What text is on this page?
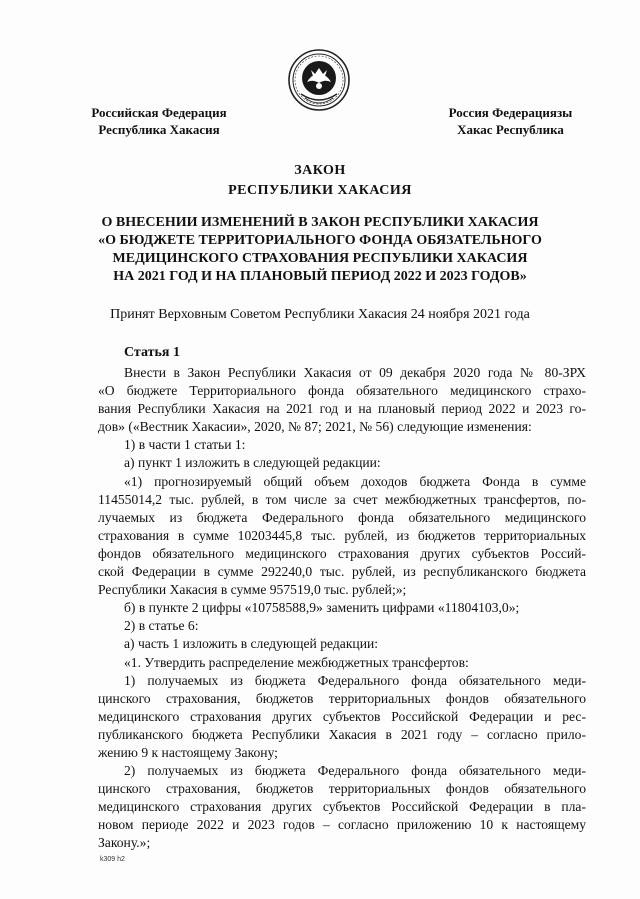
Российская Федерация
Республика Хакасия
Россия Федерациязы
Хакас Республика
ЗАКОН
РЕСПУБЛИКИ ХАКАСИЯ
О ВНЕСЕНИИ ИЗМЕНЕНИЙ В ЗАКОН РЕСПУБЛИКИ ХАКАСИЯ
«О БЮДЖЕТЕ ТЕРРИТОРИАЛЬНОГО ФОНДА ОБЯЗАТЕЛЬНОГО
МЕДИЦИНСКОГО СТРАХОВАНИЯ РЕСПУБЛИКИ ХАКАСИЯ
НА 2021 ГОД И НА ПЛАНОВЫЙ ПЕРИОД 2022 И 2023 ГОДОВ»
Принят Верховным Советом Республики Хакасия 24 ноября 2021 года
Статья 1
Внести в Закон Республики Хакасия от 09 декабря 2020 года № 80-ЗРХ
«О бюджете Территориального фонда обязательного медицинского страхо-
вания Республики Хакасия на 2021 год и на плановый период 2022 и 2023 го-
дов» («Вестник Хакасии», 2020, № 87; 2021, № 56) следующие изменения:
1) в части 1 статьи 1:
а) пункт 1 изложить в следующей редакции:
«1) прогнозируемый общий объем доходов бюджета Фонда в сумме
11455014,2 тыс. рублей, в том числе за счет межбюджетных трансфертов, по-
лучаемых из бюджета Федерального фонда обязательного медицинского
страхования в сумме 10203445,8 тыс. рублей, из бюджетов территориальных
фондов обязательного медицинского страхования других субъектов Россий-
ской Федерации в сумме 292240,0 тыс. рублей, из республиканского бюджета
Республики Хакасия в сумме 957519,0 тыс. рублей;»;
б) в пункте 2 цифры «10758588,9» заменить цифрами «11804103,0»;
2) в статье 6:
а) часть 1 изложить в следующей редакции:
«1. Утвердить распределение межбюджетных трансфертов:
1) получаемых из бюджета Федерального фонда обязательного меди-
цинского страхования, бюджетов территориальных фондов обязательного
медицинского страхования других субъектов Российской Федерации и рес-
публиканского бюджета Республики Хакасия в 2021 году – согласно прило-
жению 9 к настоящему Закону;
2) получаемых из бюджета Федерального фонда обязательного меди-
цинского страхования, бюджетов территориальных фондов обязательного
медицинского страхования других субъектов Российской Федерации в пла-
новом периоде 2022 и 2023 годов – согласно приложению 10 к настоящему
Закону.»;
k309 h2
